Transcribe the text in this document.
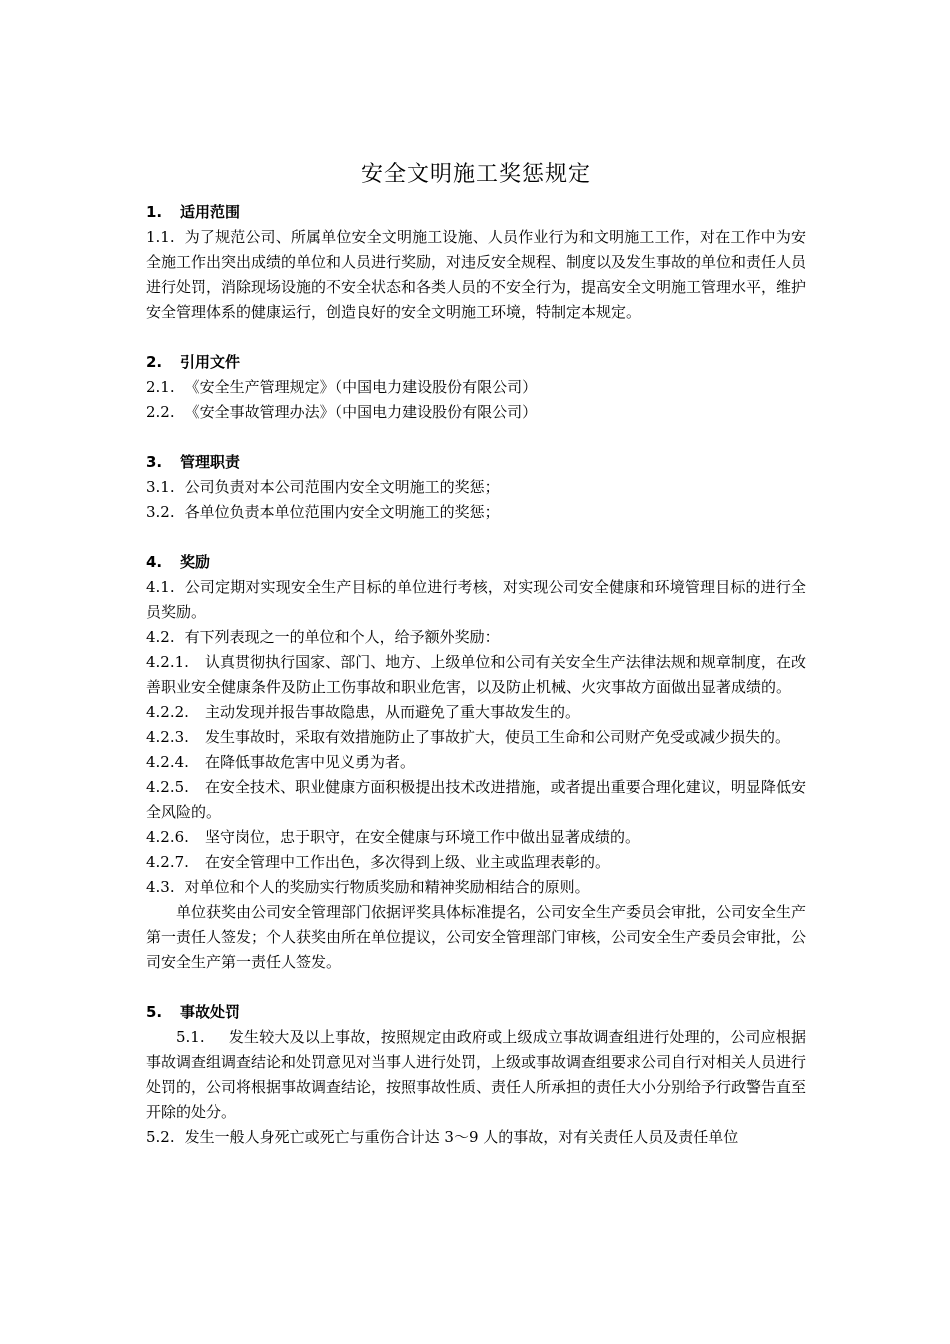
安全文明施工奖惩规定
1. 适用范围

1.1. 为了规范公司、所属单位安全文明施工设施、人员作业行为和文明施工工作，对在工作中为安全施工作出突出成绩的单位和人员进行奖励，对违反安全规程、制度以及发生事故的单位和责任人员进行处罚，消除现场设施的不安全状态和各类人员的不安全行为，提高安全文明施工管理水平，维护安全管理体系的健康运行，创造良好的安全文明施工环境，特制定本规定。

2. 引用文件

2.1. 《安全生产管理规定》（中国电力建设股份有限公司）

2.2. 《安全事故管理办法》（中国电力建设股份有限公司）

3. 管理职责

3.1. 公司负责对本公司范围内安全文明施工的奖惩；

3.2. 各单位负责本单位范围内安全文明施工的奖惩；

4. 奖励

4.1. 公司定期对实现安全生产目标的单位进行考核，对实现公司安全健康和环境管理目标的进行全员奖励。

4.2. 有下列表现之一的单位和个人，给予额外奖励：

4.2.1. 认真贯彻执行国家、部门、地方、上级单位和公司有关安全生产法律法规和规章制度，在改善职业安全健康条件及防止工伤事故和职业危害，以及防止机械、火灾事故方面做出显著成绩的。

4.2.2. 主动发现并报告事故隐患，从而避免了重大事故发生的。

4.2.3. 发生事故时，采取有效措施防止了事故扩大，使员工生命和公司财产免受或减少损失的。

4.2.4. 在降低事故危害中见义勇为者。

4.2.5. 在安全技术、职业健康方面积极提出技术改进措施，或者提出重要合理化建议，明显降低安全风险的。

4.2.6. 坚守岗位，忠于职守，在安全健康与环境工作中做出显著成绩的。

4.2.7. 在安全管理中工作出色，多次得到上级、业主或监理表彰的。

4.3. 对单位和个人的奖励实行物质奖励和精神奖励相结合的原则。

单位获奖由公司安全管理部门依据评奖具体标准提名，公司安全生产委员会审批，公司安全生产第一责任人签发；个人获奖由所在单位提议，公司安全管理部门审核，公司安全生产委员会审批，公司安全生产第一责任人签发。

5. 事故处罚

5.1. 发生较大及以上事故，按照规定由政府或上级成立事故调查组进行处理的，公司应根据事故调查组调查结论和处罚意见对当事人进行处罚，上级或事故调查组要求公司自行对相关人员进行处罚的，公司将根据事故调查结论，按照事故性质、责任人所承担的责任大小分别给予行政警告直至开除的处分。

5.2. 发生一般人身死亡或死亡与重伤合计达 3～9 人的事故，对有关责任人员及责任单位
